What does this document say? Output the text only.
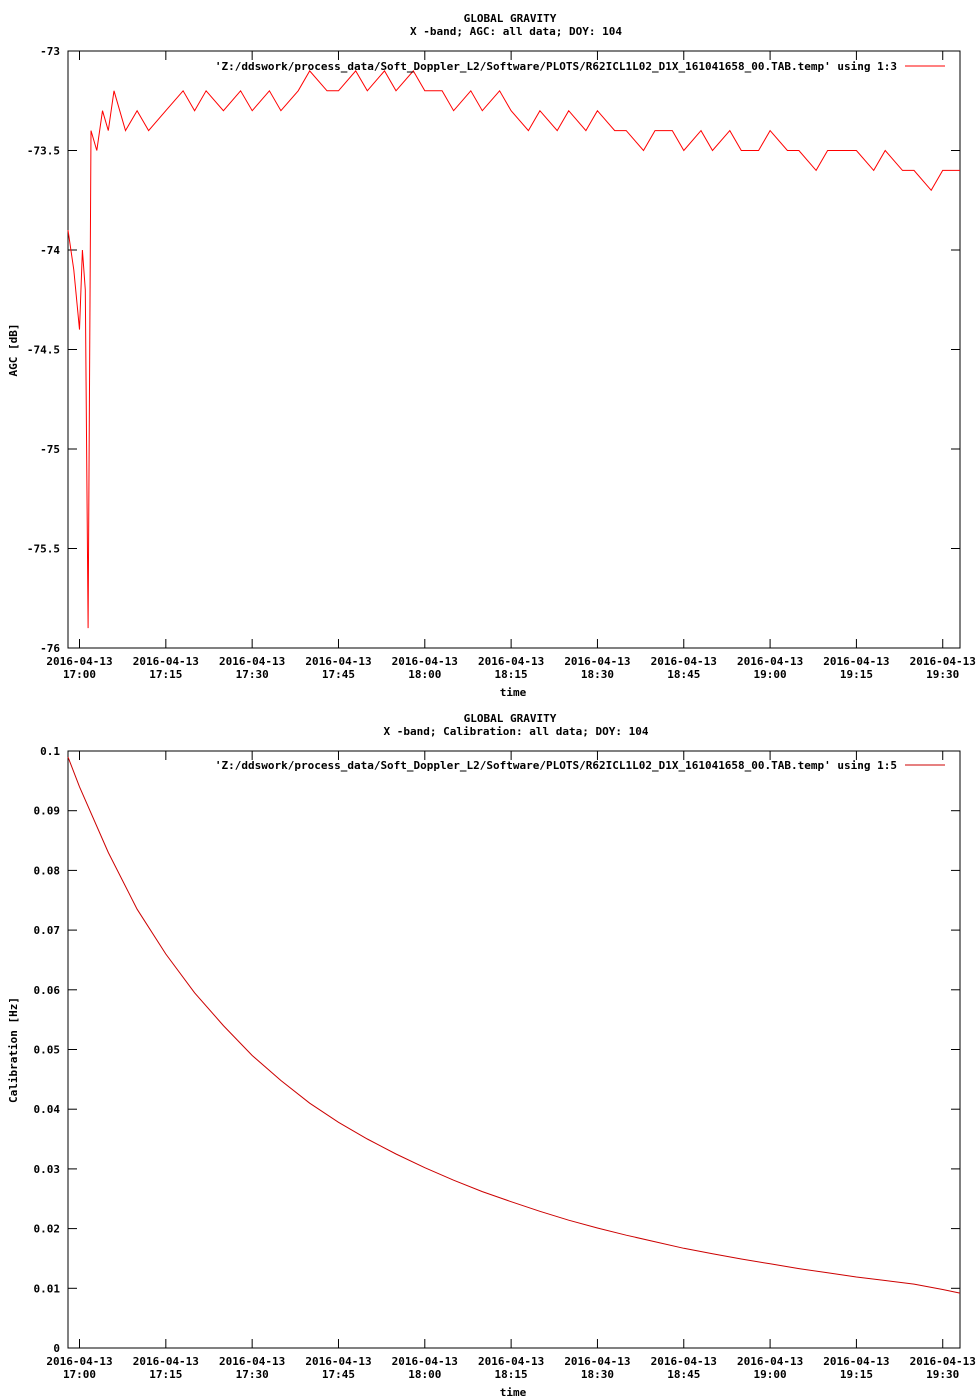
GLOBAL GRAVITY
X -band; AGC: all data; DOY: 104
-73
-73.5
-74
-74.5
-75
-75.5
-76
2016-04-13
17:00
2016-04-13
17:15
2016-04-13
17:30
2016-04-13
17:45
2016-04-13
18:00
2016-04-13
18:15
2016-04-13
18:30
2016-04-13
18:45
2016-04-13
19:00
2016-04-13
19:15
2016-04-13
19:30
'Z:/ddswork/process_data/Soft_Doppler_L2/Software/PLOTS/R62ICL1L02_D1X_161041658_00.TAB.temp' using 1:3
time
AGC [dB]
GLOBAL GRAVITY
X -band; Calibration: all data; DOY: 104
0.1
0.09
0.08
0.07
0.06
0.05
0.04
0.03
0.02
0.01
0
2016-04-13
17:00
2016-04-13
17:15
2016-04-13
17:30
2016-04-13
17:45
2016-04-13
18:00
2016-04-13
18:15
2016-04-13
18:30
2016-04-13
18:45
2016-04-13
19:00
2016-04-13
19:15
2016-04-13
19:30
'Z:/ddswork/process_data/Soft_Doppler_L2/Software/PLOTS/R62ICL1L02_D1X_161041658_00.TAB.temp' using 1:5
time
Calibration [Hz]
